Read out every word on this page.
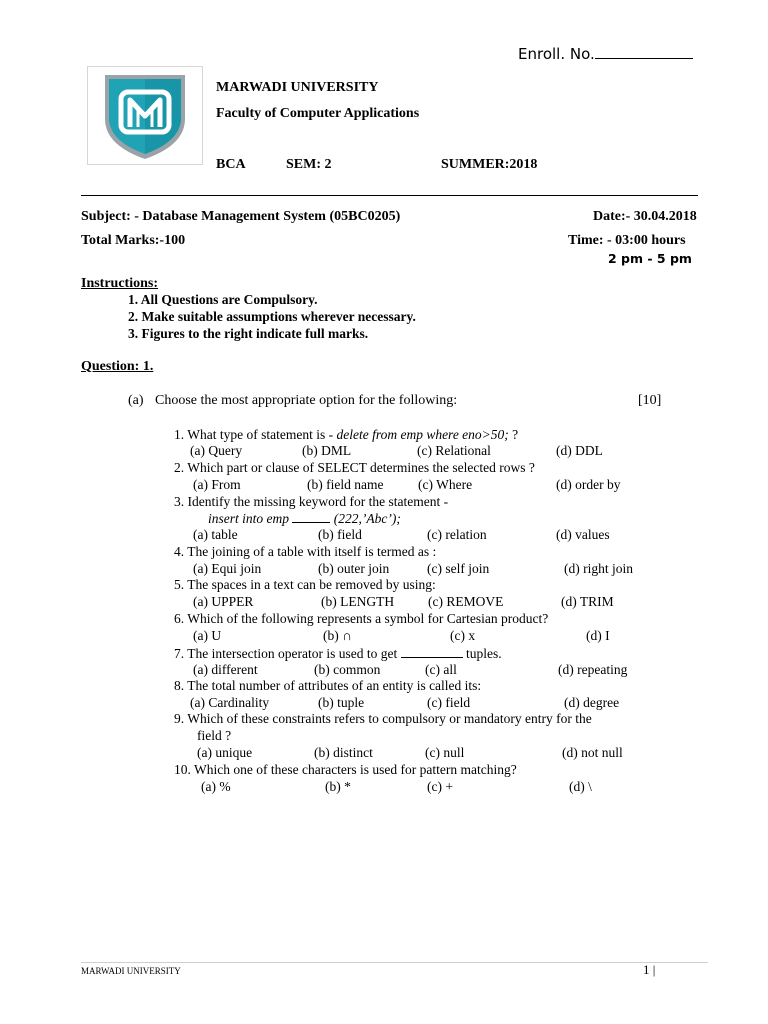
Enroll. No.
MARWADI UNIVERSITY
Faculty of Computer Applications
BCA	SEM: 2	SUMMER:2018
Subject: - Database Management System (05BC0205)	Date:- 30.04.2018
Total Marks:-100	Time: - 03:00 hours
2 pm - 5 pm
Instructions:
1. All Questions are Compulsory.
2. Make suitable assumptions wherever necessary.
3. Figures to the right indicate full marks.
Question: 1.
(a) Choose the most appropriate option for the following:	[10]
1. What type of statement is - delete from emp where eno>50; ?
(a) Query	(b) DML	(c) Relational	(d) DDL
2. Which part or clause of SELECT determines the selected rows ?
(a) From	(b) field name	(c) Where	(d) order by
3. Identify the missing keyword for the statement -
insert into emp	(222,’Abc’);
(a) table	(b) field	(c) relation	(d) values
4. The joining of a table with itself is termed as :
(a) Equi join	(b) outer join	(c) self join	(d) right join
5. The spaces in a text can be removed by using:
(a) UPPER	(b) LENGTH	(c) REMOVE	(d) TRIM
6. Which of the following represents a symbol for Cartesian product?
(a) U	(b) ∩	(c) x	(d) I
7. The intersection operator is used to get	tuples.
(a) different	(b) common	(c) all	(d) repeating
8. The total number of attributes of an entity is called its:
(a) Cardinality	(b) tuple	(c) field	(d) degree
9. Which of these constraints refers to compulsory or mandatory entry for the
field ?
(a) unique	(b) distinct	(c) null	(d) not null
10. Which one of these characters is used for pattern matching?
(a) %	(b) *	(c) +	(d) \
MARWADI UNIVERSITY	1 |
